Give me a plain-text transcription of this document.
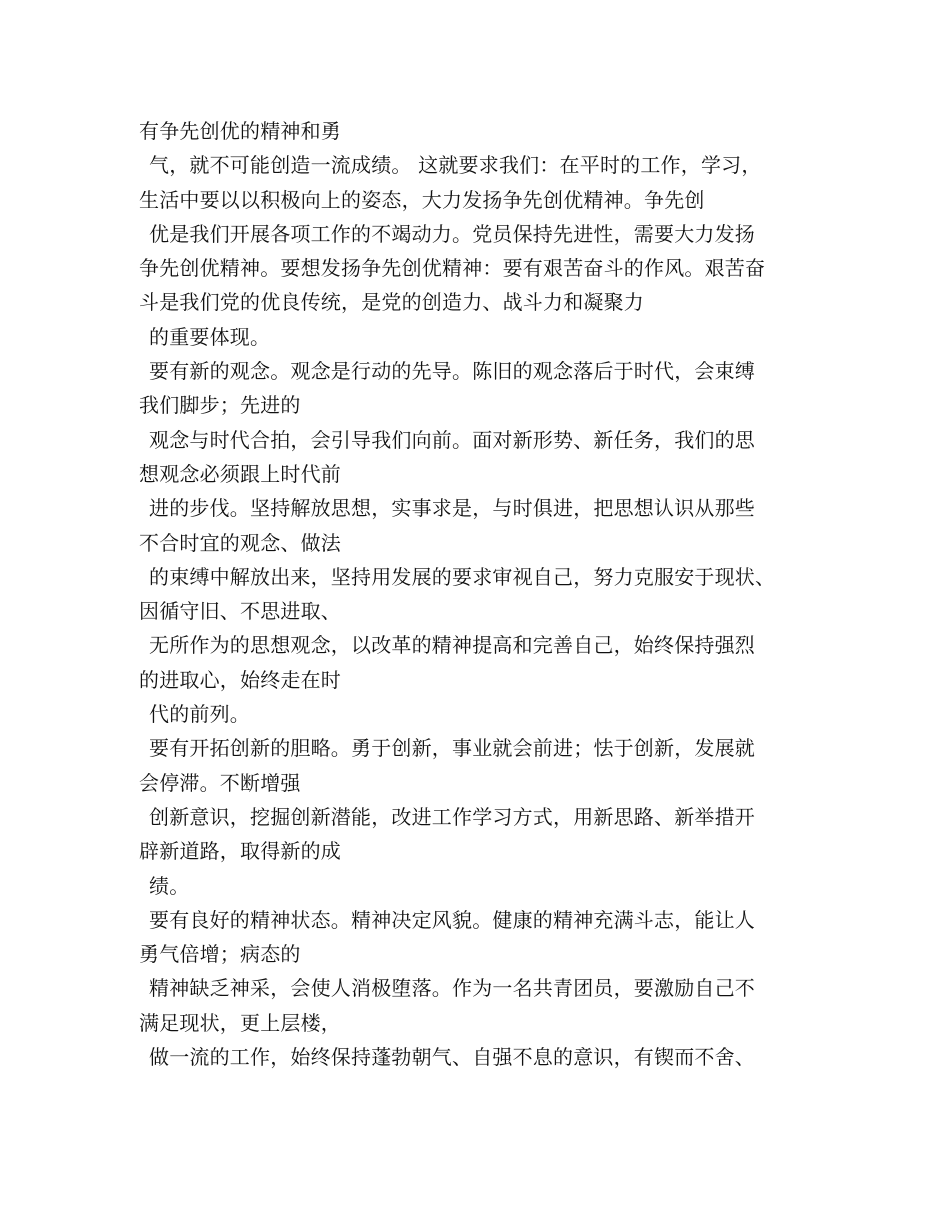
有争先创优的精神和勇
气，就不可能创造一流成绩。 这就要求我们：在平时的工作，学习，
生活中要以以积极向上的姿态，大力发扬争先创优精神。争先创
优是我们开展各项工作的不竭动力。党员保持先进性，需要大力发扬
争先创优精神。要想发扬争先创优精神：要有艰苦奋斗的作风。艰苦奋
斗是我们党的优良传统，是党的创造力、战斗力和凝聚力
的重要体现。
要有新的观念。观念是行动的先导。陈旧的观念落后于时代，会束缚
我们脚步；先进的
观念与时代合拍，会引导我们向前。面对新形势、新任务，我们的思
想观念必须跟上时代前
进的步伐。坚持解放思想，实事求是，与时俱进，把思想认识从那些
不合时宜的观念、做法
的束缚中解放出来，坚持用发展的要求审视自己，努力克服安于现状、
因循守旧、不思进取、
无所作为的思想观念，以改革的精神提高和完善自己，始终保持强烈
的进取心，始终走在时
代的前列。
要有开拓创新的胆略。勇于创新，事业就会前进；怯于创新，发展就
会停滞。不断增强
创新意识，挖掘创新潜能，改进工作学习方式，用新思路、新举措开
辟新道路，取得新的成
绩。
要有良好的精神状态。精神决定风貌。健康的精神充满斗志，能让人
勇气倍增；病态的
精神缺乏神采，会使人消极堕落。作为一名共青团员，要激励自己不
满足现状，更上层楼，
做一流的工作，始终保持蓬勃朝气、自强不息的意识，有锲而不舍、
